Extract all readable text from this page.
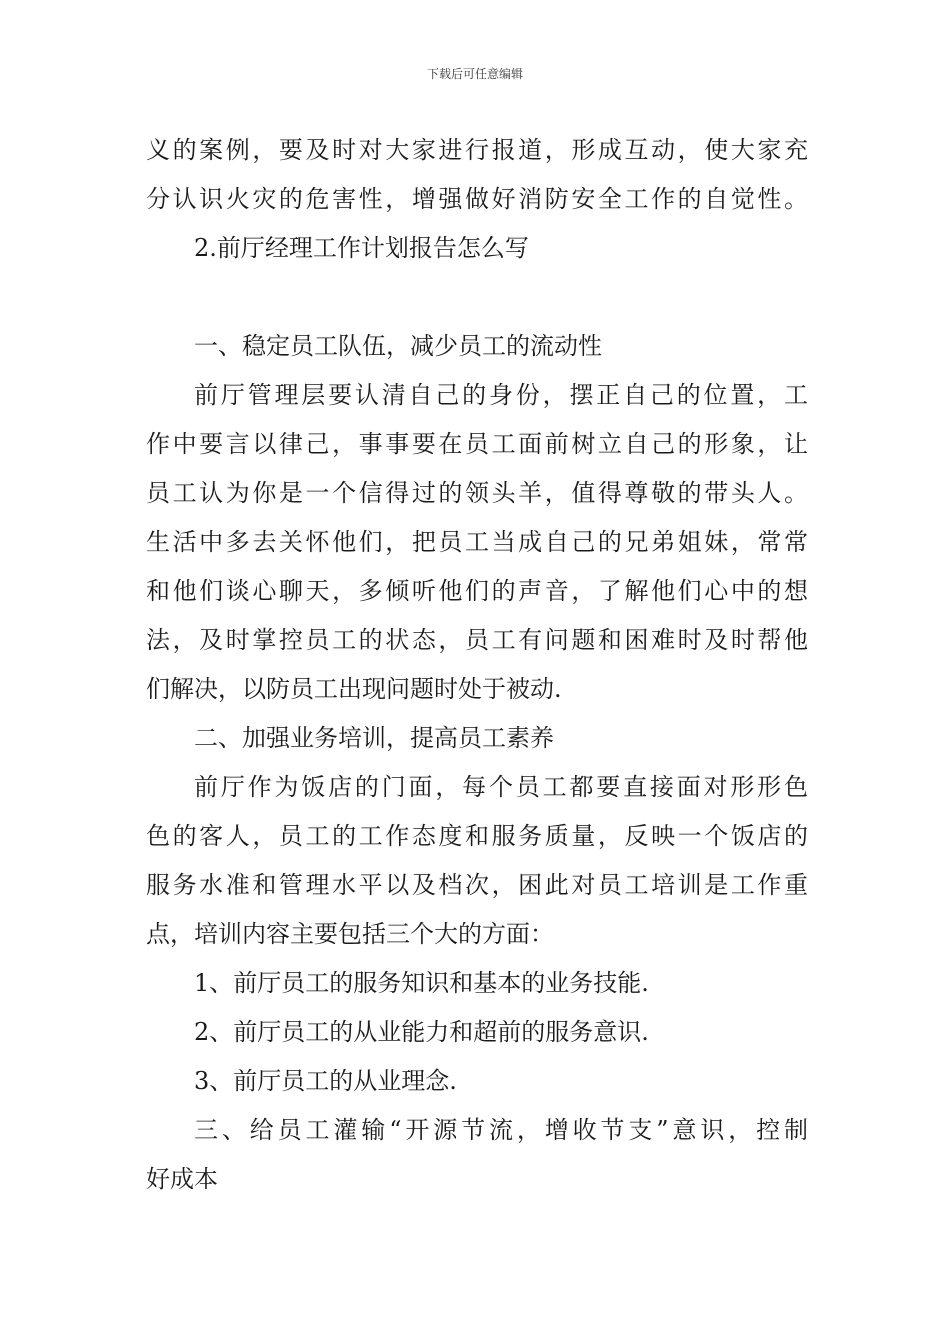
下载后可任意编辑
义的案例，要及时对大家进行报道，形成互动，使大家充
分认识火灾的危害性，增强做好消防安全工作的自觉性。
2.前厅经理工作计划报告怎么写
一、稳定员工队伍，减少员工的流动性
前厅管理层要认清自己的身份，摆正自己的位置，工
作中要言以律己，事事要在员工面前树立自己的形象，让
员工认为你是一个信得过的领头羊，值得尊敬的带头人。
生活中多去关怀他们，把员工当成自己的兄弟姐妹，常常
和他们谈心聊天，多倾听他们的声音，了解他们心中的想
法，及时掌控员工的状态，员工有问题和困难时及时帮他
们解决，以防员工出现问题时处于被动.
二、加强业务培训，提高员工素养
前厅作为饭店的门面，每个员工都要直接面对形形色
色的客人，员工的工作态度和服务质量，反映一个饭店的
服务水准和管理水平以及档次，困此对员工培训是工作重
点，培训内容主要包括三个大的方面：
1、前厅员工的服务知识和基本的业务技能.
2、前厅员工的从业能力和超前的服务意识.
3、前厅员工的从业理念.
三、给员工灌输“开源节流，增收节支”意识，控制
好成本
